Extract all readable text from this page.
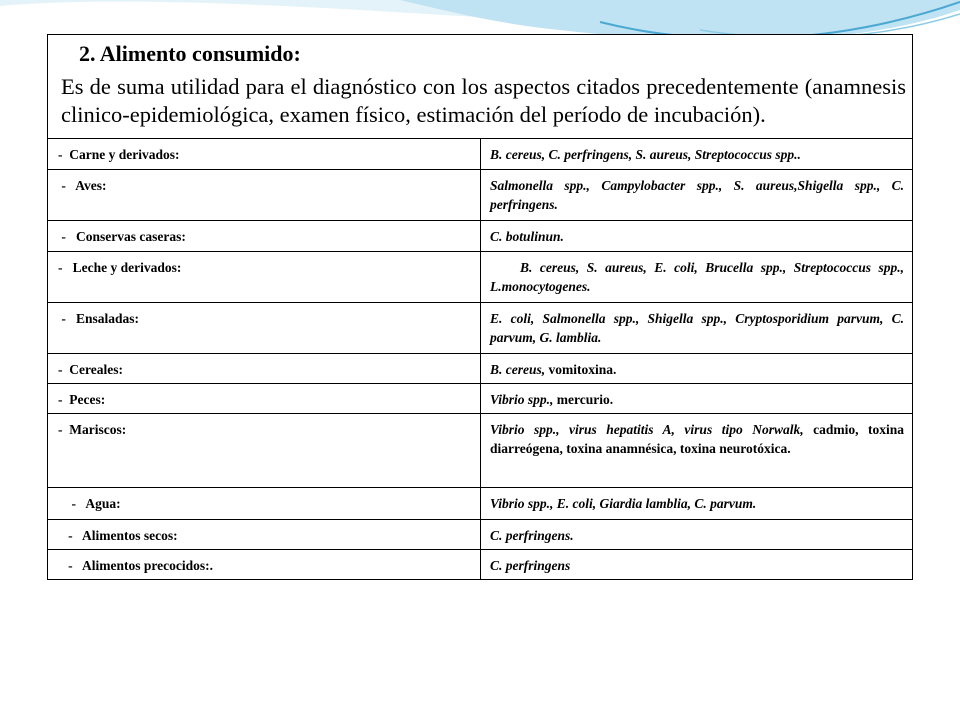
2. Alimento consumido:

Es de suma utilidad para el diagnóstico con los aspectos citados precedentemente (anamnesis clinico-epidemiológica, examen físico, estimación del período de incubación).

-  Carne y derivados:	B. cereus, C. perfringens, S. aureus, Streptococcus spp..
-   Aves:	Salmonella spp., Campylobacter spp., S. aureus,Shigella spp., C. perfringens.
-   Conservas caseras:	C. botulinun.
-   Leche y derivados:	B. cereus, S. aureus, E. coli, Brucella spp., Streptococcus spp.,  L.monocytogenes.
-   Ensaladas:	E. coli, Salmonella spp., Shigella spp., Cryptosporidium parvum, C. parvum, G. lamblia.
-  Cereales:	B. cereus, vomitoxina.
-  Peces:	Vibrio spp., mercurio.
-  Mariscos:	Vibrio spp., virus hepatitis A, virus tipo Norwalk, cadmio, toxina diarreógena, toxina anamnésica, toxina neurotóxica.
-   Agua:	Vibrio spp., E. coli, Giardia lamblia, C. parvum.
-   Alimentos secos:	C. perfringens.
-   Alimentos precocidos:.	C. perfringens
